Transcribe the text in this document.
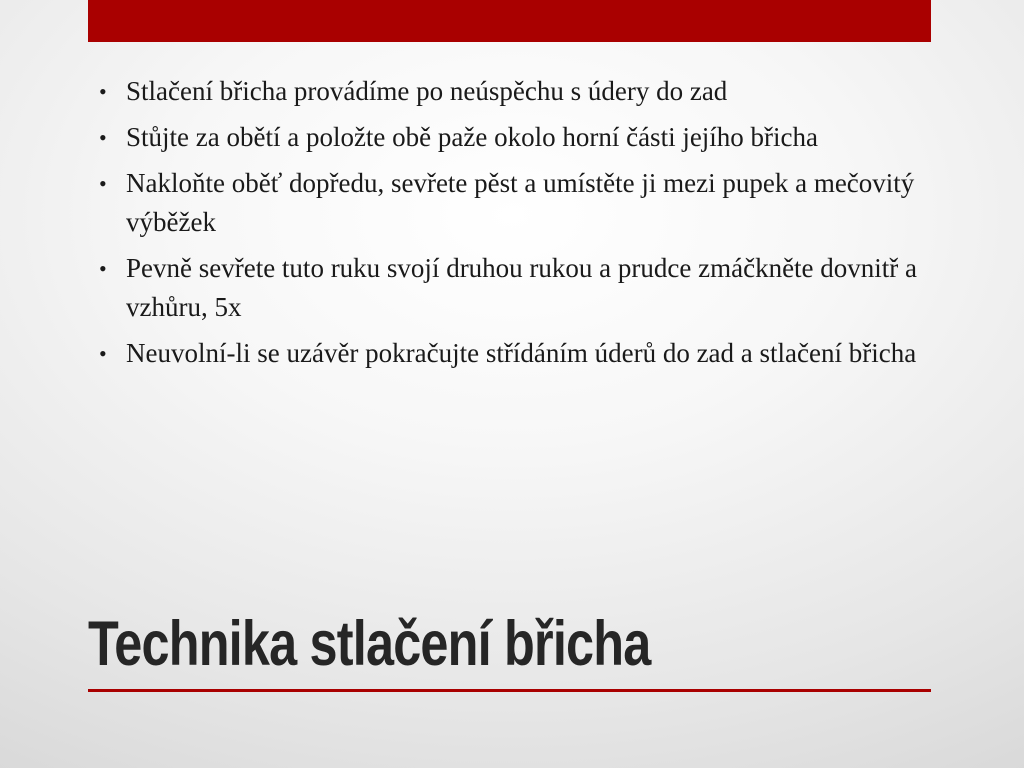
• Stlačení břicha provádíme po neúspěchu s údery do zad
• Stůjte za obětí a položte obě paže okolo horní části jejího břicha
• Nakloňte oběť dopředu, sevřete pěst a umístěte ji mezi pupek a mečovitý výběžek
• Pevně sevřete tuto ruku svojí druhou rukou a prudce zmáčkněte dovnitř a vzhůru, 5x
• Neuvolní-li se uzávěr pokračujte střídáním úderů do zad a stlačení břicha
Technika stlačení břicha
